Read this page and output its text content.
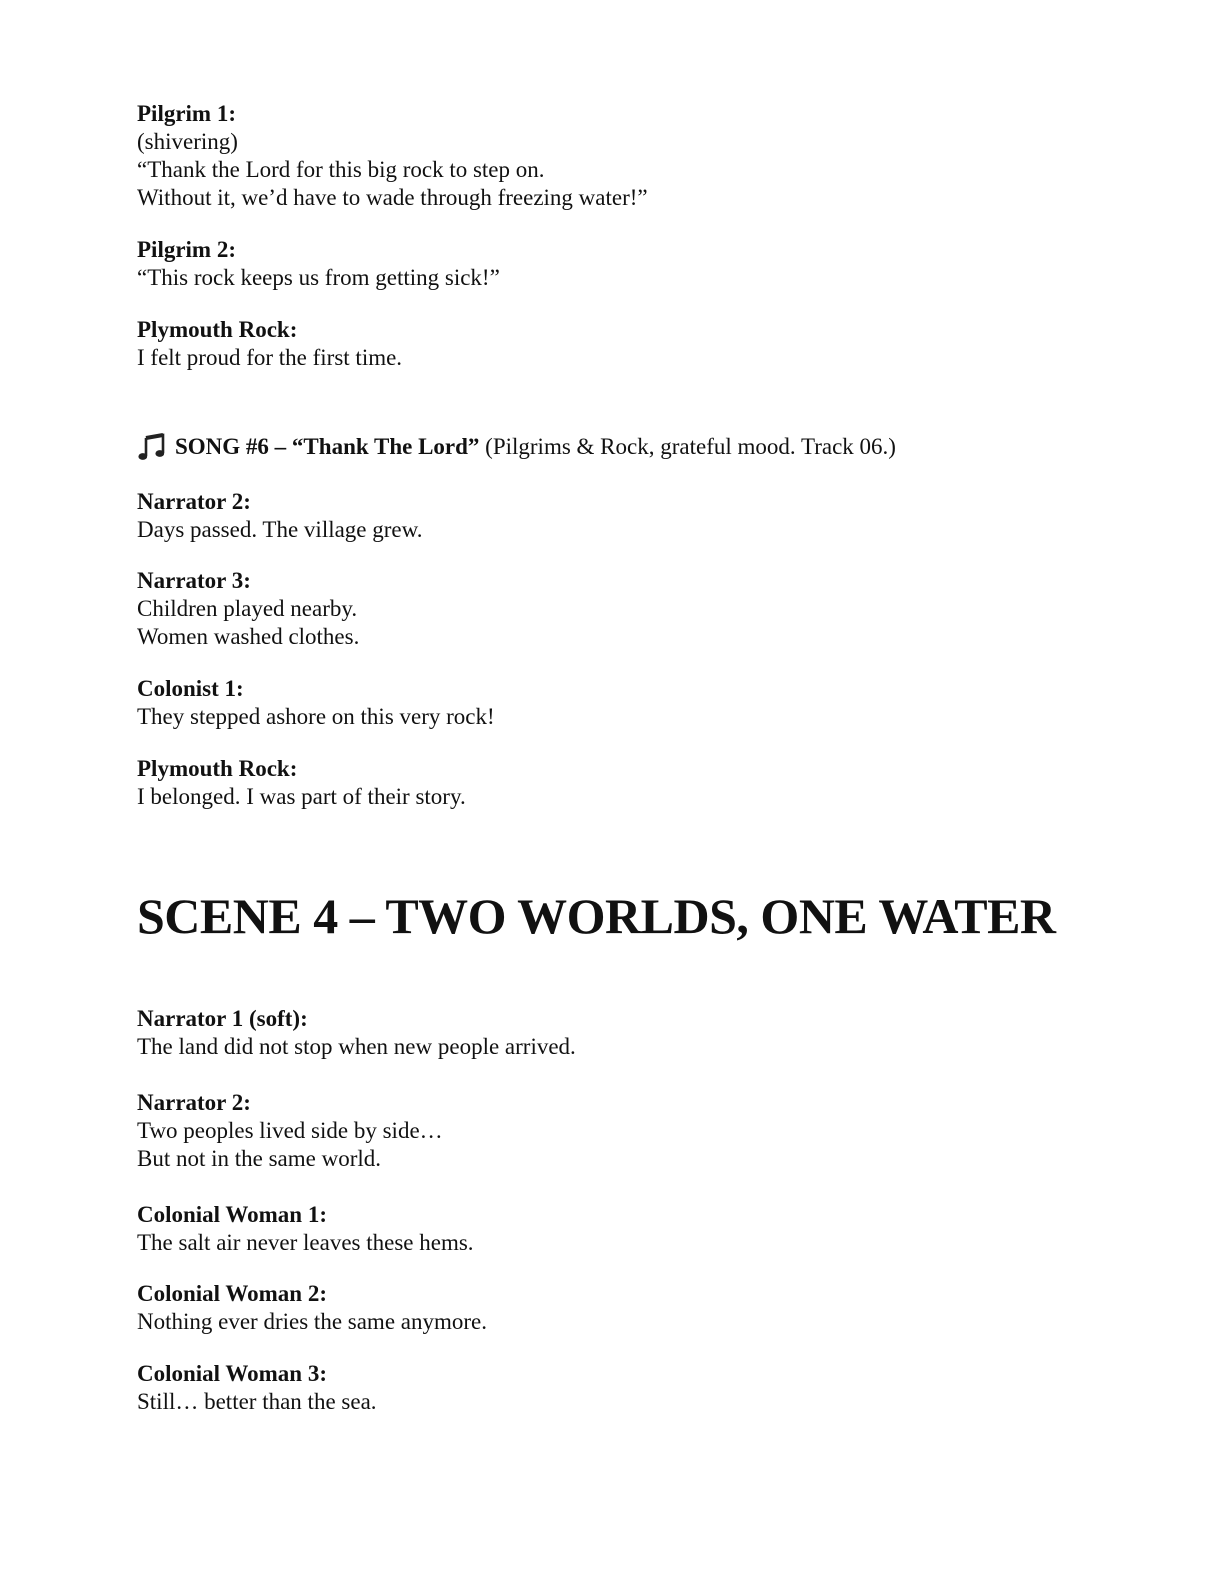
Pilgrim 1:
(shivering)
“Thank the Lord for this big rock to step on.
Without it, we’d have to wade through freezing water!”
Pilgrim 2:
“This rock keeps us from getting sick!”
Plymouth Rock:
I felt proud for the first time.
SONG #6 – “Thank The Lord” (Pilgrims & Rock, grateful mood. Track 06.)
Narrator 2:
Days passed. The village grew.
Narrator 3:
Children played nearby.
Women washed clothes.
Colonist 1:
They stepped ashore on this very rock!
Plymouth Rock:
I belonged. I was part of their story.
SCENE 4 – TWO WORLDS, ONE WATER
Narrator 1 (soft):
The land did not stop when new people arrived.
Narrator 2:
Two peoples lived side by side…
But not in the same world.
Colonial Woman 1:
The salt air never leaves these hems.
Colonial Woman 2:
Nothing ever dries the same anymore.
Colonial Woman 3:
Still… better than the sea.
